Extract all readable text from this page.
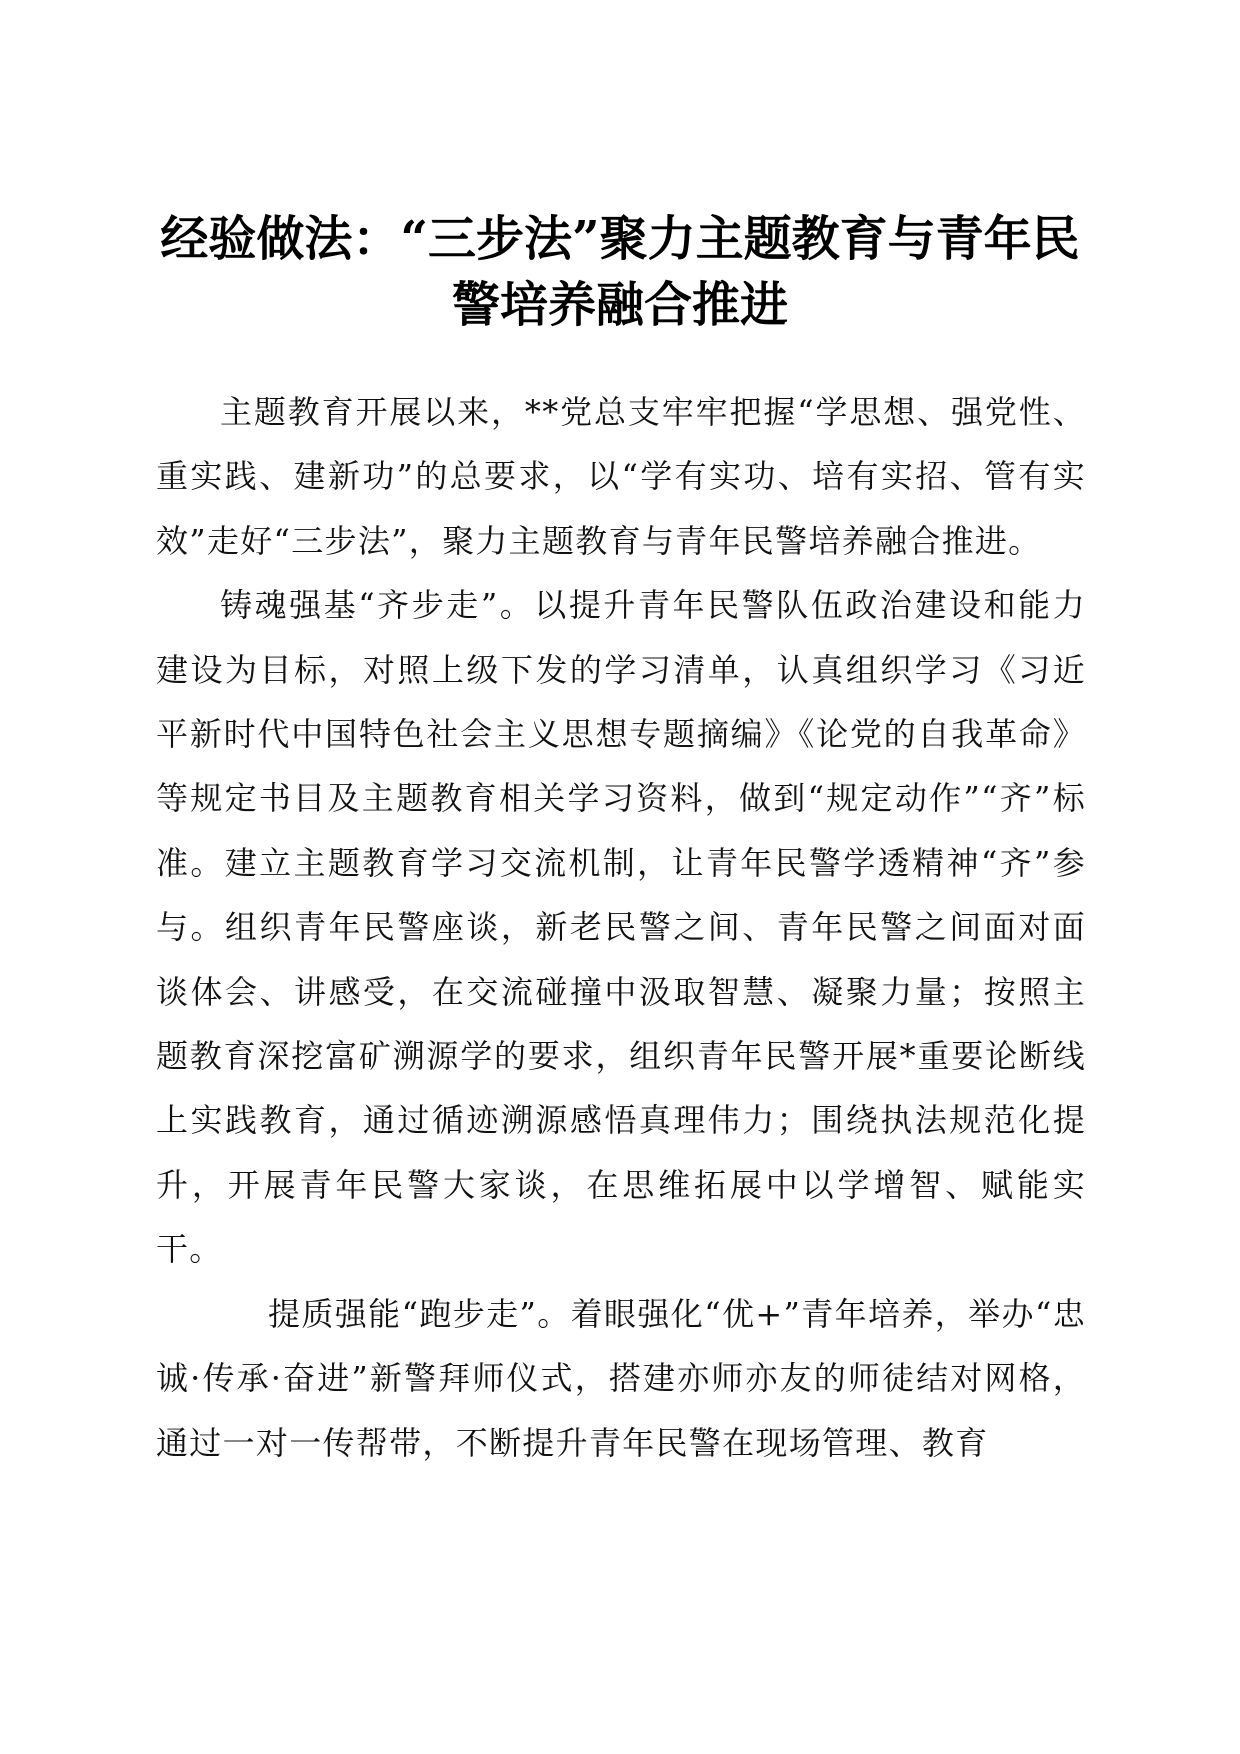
经验做法：“三步法”聚力主题教育与青年民
警培养融合推进

主题教育开展以来，**党总支牢牢把握“学思想、强党性、重实践、建新功”的总要求，以“学有实功、培有实招、管有实效”走好“三步法”，聚力主题教育与青年民警培养融合推进。

铸魂强基“齐步走”。以提升青年民警队伍政治建设和能力建设为目标，对照上级下发的学习清单，认真组织学习《习近平新时代中国特色社会主义思想专题摘编》《论党的自我革命》等规定书目及主题教育相关学习资料，做到“规定动作”“齐”标准。建立主题教育学习交流机制，让青年民警学透精神“齐”参与。组织青年民警座谈，新老民警之间、青年民警之间面对面谈体会、讲感受，在交流碰撞中汲取智慧、凝聚力量；按照主题教育深挖富矿溯源学的要求，组织青年民警开展*重要论断线上实践教育，通过循迹溯源感悟真理伟力；围绕执法规范化提升，开展青年民警大家谈，在思维拓展中以学增智、赋能实干。

提质强能“跑步走”。着眼强化“优+”青年培养，举办“忠诚·传承·奋进”新警拜师仪式，搭建亦师亦友的师徒结对网格，通过一对一传帮带，不断提升青年民警在现场管理、教育
